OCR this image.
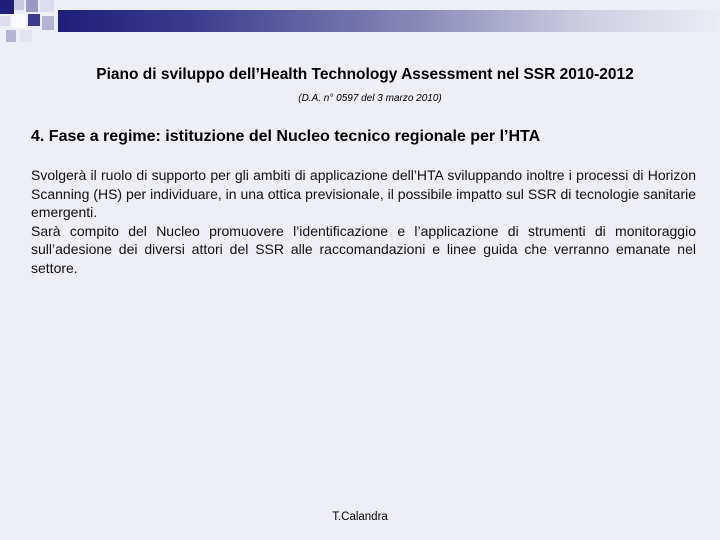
Piano di sviluppo dell’Health Technology Assessment nel SSR 2010-2012
(D.A. n° 0597 del 3 marzo 2010)
4. Fase a regime: istituzione del Nucleo tecnico regionale per l’HTA

Svolgerà il ruolo di supporto per gli ambiti di applicazione dell’HTA sviluppando inoltre i processi di Horizon Scanning (HS) per individuare, in una ottica previsionale, il possibile impatto sul SSR di tecnologie sanitarie emergenti.

Sarà compito del Nucleo promuovere l’identificazione e l’applicazione di strumenti di monitoraggio sull’adesione dei diversi attori del SSR alle raccomandazioni e linee guida che verranno emanate nel settore.

T.Calandra
